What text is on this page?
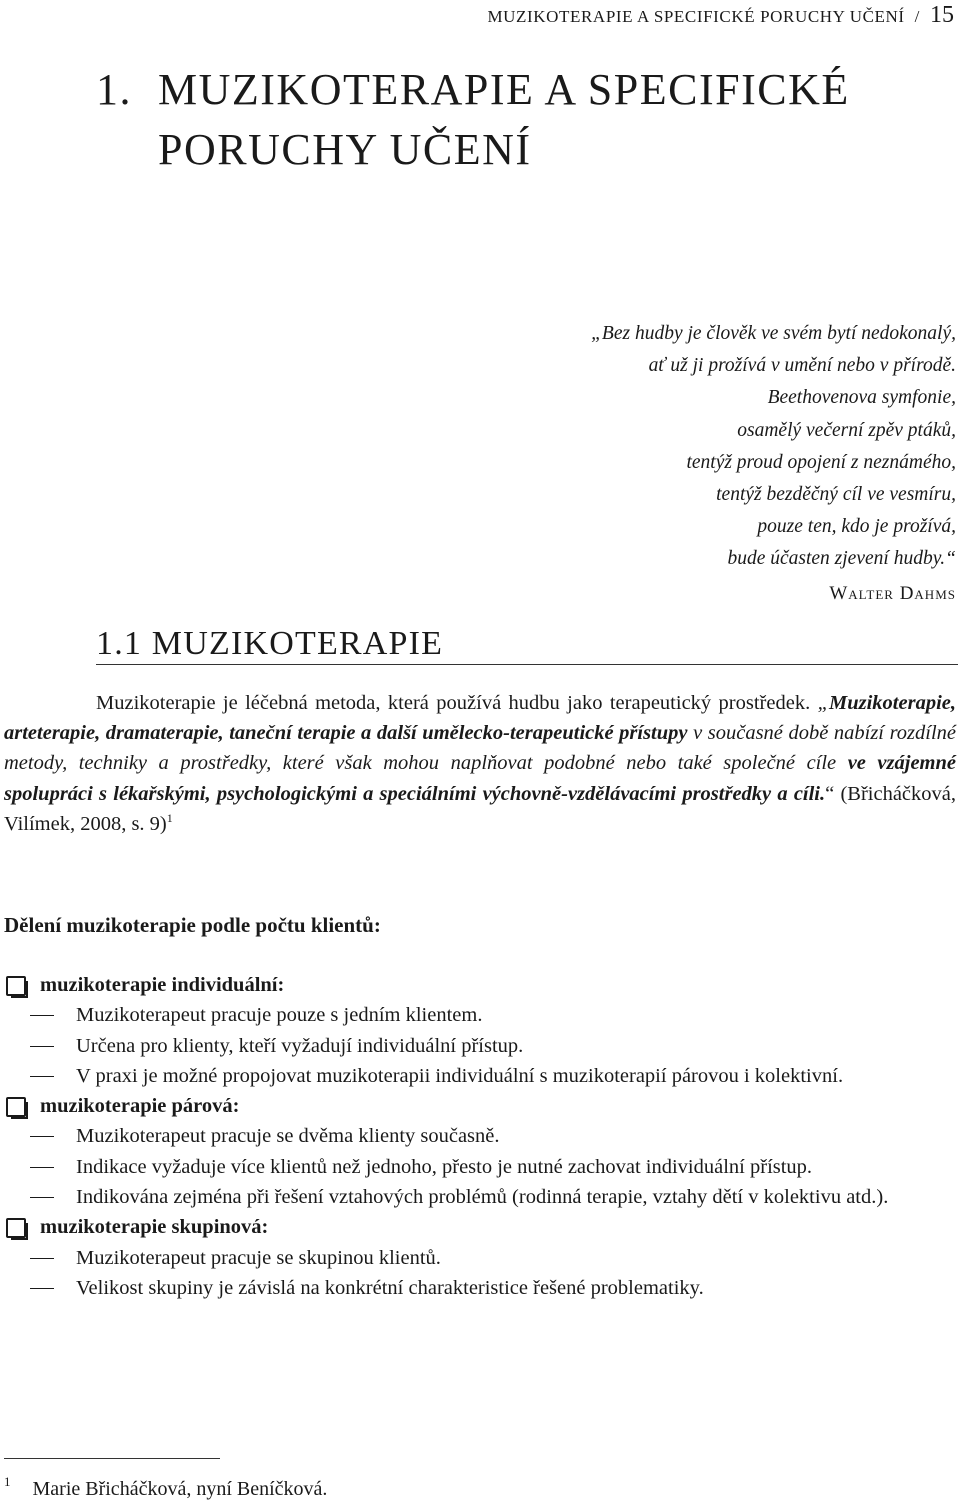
MUZIKOTERAPIE A SPECIFICKÉ PORUCHY UČENÍ / 15
1. MUZIKOTERAPIE A SPECIFICKÉ
PORUCHY UČENÍ
„Bez hudby je člověk ve svém bytí nedokonalý,
ať už ji prožívá v umění nebo v přírodě.
Beethovenova symfonie,
osamělý večerní zpěv ptáků,
tentýž proud opojení z neznámého,
tentýž bezděčný cíl ve vesmíru,
pouze ten, kdo je prožívá,
bude účasten zjevení hudby.“
Walter Dahms
1.1 MUZIKOTERAPIE

Muzikoterapie je léčebná metoda, která používá hudbu jako terapeutický prostředek. „Muzikoterapie, arteterapie, dramaterapie, taneční terapie a další umělecko-terapeutické přístupy v současné době nabízí rozdílné metody, techniky a prostředky, které však mohou naplňovat podobné nebo také společné cíle ve vzájemné spolupráci s lékařskými, psychologickými a speciálními výchovně-vzdělávacími prostředky a cíli.“ (Břicháčková, Vilímek, 2008, s. 9)$^1$

Dělení muzikoterapie podle počtu klientů:
muzikoterapie individuální:
Muzikoterapeut pracuje pouze s jedním klientem.
Určena pro klienty, kteří vyžadují individuální přístup.
V praxi je možné propojovat muzikoterapii individuální s muzikoterapií párovou i kolektivní.
muzikoterapie párová:
Muzikoterapeut pracuje se dvěma klienty současně.
Indikace vyžaduje více klientů než jednoho, přesto je nutné zachovat individuální přístup.
Indikována zejména při řešení vztahových problémů (rodinná terapie, vztahy dětí v kolektivu atd.).
muzikoterapie skupinová:
Muzikoterapeut pracuje se skupinou klientů.
Velikost skupiny je závislá na konkrétní charakteristice řešené problematiky.
$^1$ Marie Břicháčková, nyní Beníčková.
